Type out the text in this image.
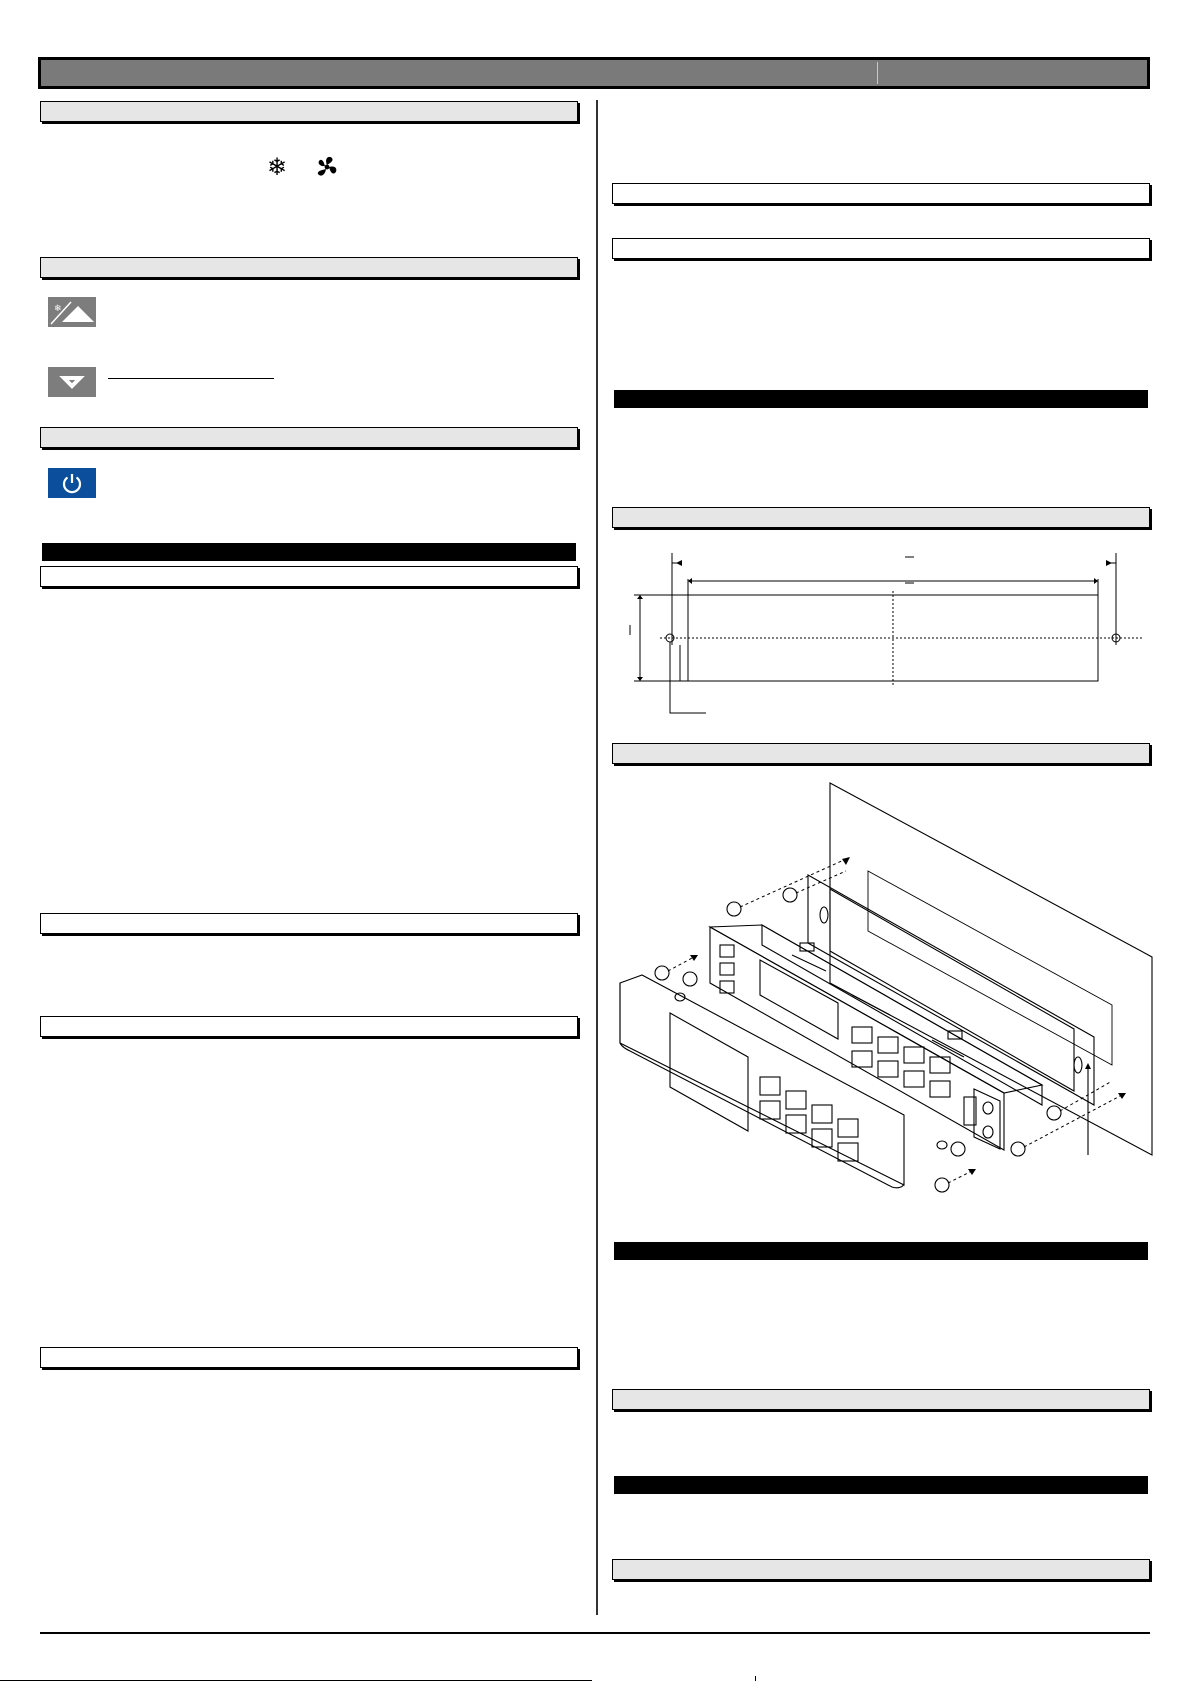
❄
❄
